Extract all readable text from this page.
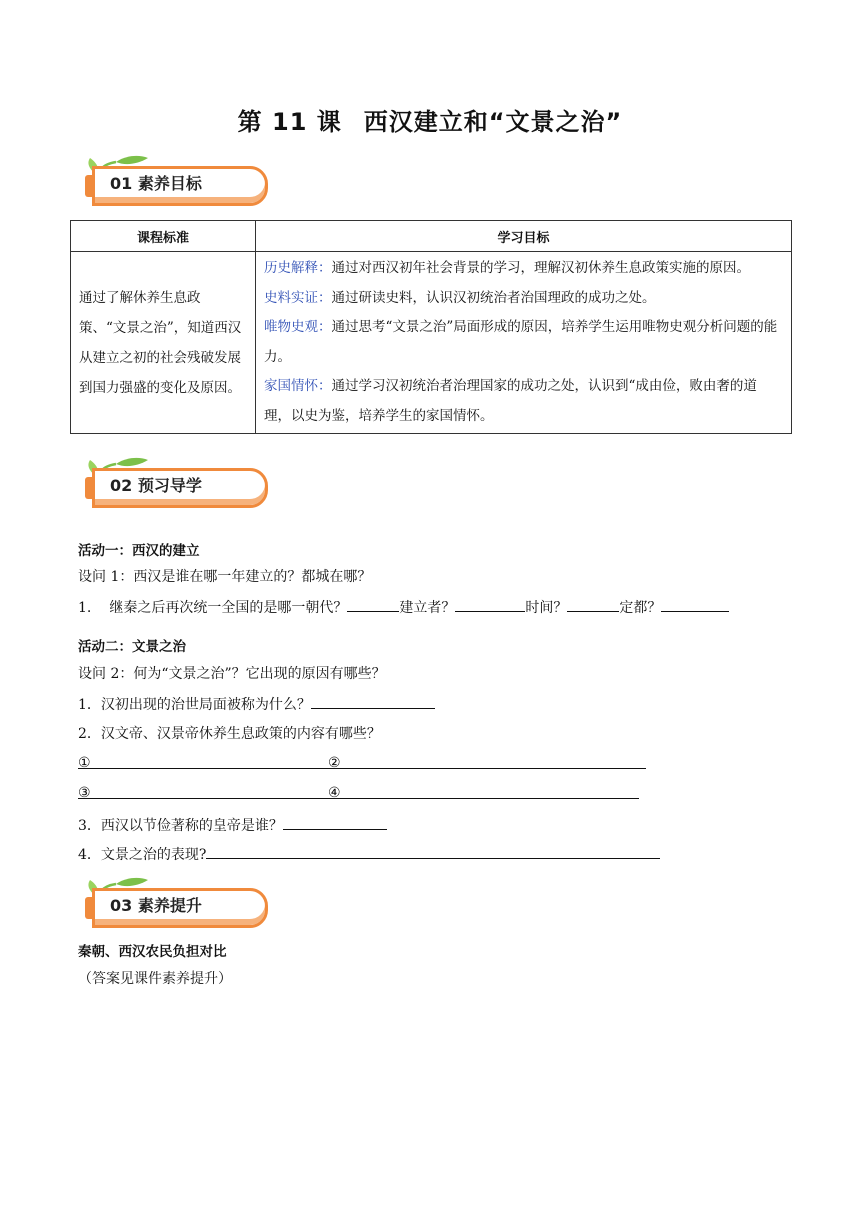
第 11 课 西汉建立和“文景之治”
01 素养目标
课程标准	学习目标
通过了解休养生息政策、“文景之治”，知道西汉从建立之初的社会残破发展到国力强盛的变化及原因。	历史解释：通过对西汉初年社会背景的学习，理解汉初休养生息政策实施的原因。
史料实证：通过研读史料，认识汉初统治者治国理政的成功之处。
唯物史观：通过思考“文景之治”局面形成的原因，培养学生运用唯物史观分析问题的能力。
家国情怀：通过学习汉初统治者治理国家的成功之处，认识到“成由俭，败由奢的道理，以史为鉴，培养学生的家国情怀。
02 预习导学
活动一：西汉的建立
设问 1：西汉是谁在哪一年建立的？都城在哪？
1. 继秦之后再次统一全国的是哪一朝代？	建立者？	时间？	定都？
活动二：文景之治
设问 2：何为“文景之治”？它出现的原因有哪些？
1．汉初出现的治世局面被称为什么？
2．汉文帝、汉景帝休养生息政策的内容有哪些？
①	②
③	④
3．西汉以节俭著称的皇帝是谁？
4．文景之治的表现?
03 素养提升
秦朝、西汉农民负担对比
（答案见课件素养提升）
